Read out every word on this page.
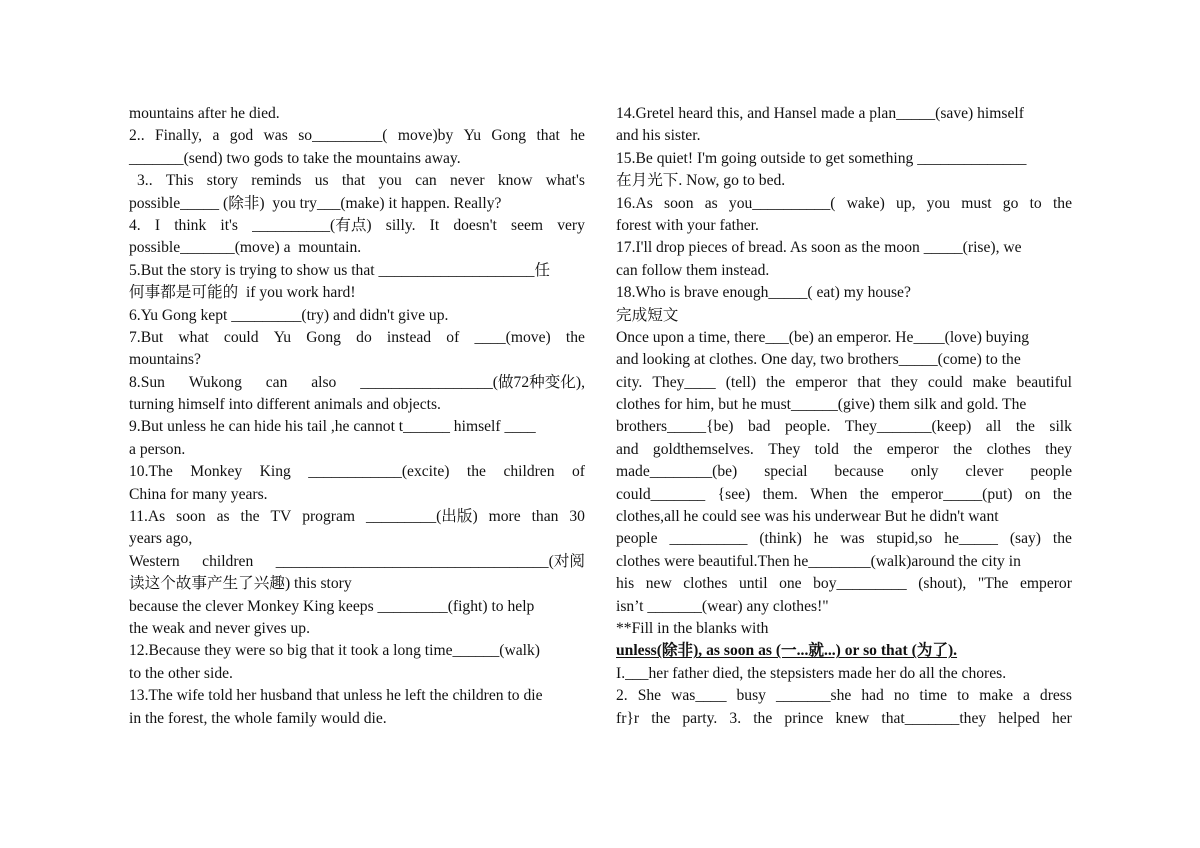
mountains after he died.
2.. Finally, a god was so_________( move)by Yu Gong that he
_______(send) two gods to take the mountains away.
3.. This story reminds us that you can never know what's
possible_____ (除非)  you try___(make) it happen. Really?
4. I think it's __________(有点) silly. It doesn't seem very
possible_______(move) a  mountain.
5.But the story is trying to show us that ____________________任
何事都是可能的  if you work hard!
6.Yu Gong kept _________(try) and didn't give up.
7.But what could Yu Gong do instead of ____(move) the
mountains?
8.Sun Wukong can also _________________(做72种变化),
turning himself into different animals and objects.
9.But unless he can hide his tail ,he cannot t______ himself ____
a person.
10.The Monkey King ____________(excite) the children of
China for many years.
11.As soon as the TV program _________(出版) more than 30
years ago,
Western children ___________________________________(对阅
读这个故事产生了兴趣) this story
because the clever Monkey King keeps _________(fight) to help
the weak and never gives up.
12.Because they were so big that it took a long time______(walk)
to the other side.
13.The wife told her husband that unless he left the children to die
in the forest, the whole family would die.
14.Gretel heard this, and Hansel made a plan_____(save) himself
and his sister.
15.Be quiet! I'm going outside to get something ______________
在月光下. Now, go to bed.
16.As soon as you__________( wake) up, you must go to the
forest with your father.
17.I'll drop pieces of bread. As soon as the moon _____(rise), we
can follow them instead.
18.Who is brave enough_____( eat) my house?
完成短文
Once upon a time, there___(be) an emperor. He____(love) buying
and looking at clothes. One day, two brothers_____(come) to the
city. They____ (tell) the emperor that they could make beautiful
clothes for him, but he must______(give) them silk and gold. The
brothers_____{be) bad people. They_______(keep) all the silk
and goldthemselves. They told the emperor the clothes they
made________(be) special because only clever people
could_______ {see) them. When the emperor_____(put) on the
clothes,all he could see was his underwear But he didn't want
people __________ (think) he was stupid,so he_____ (say) the
clothes were beautiful.Then he________(walk)around the city in
his new clothes until one boy_________ (shout), "The emperor
isn’t _______(wear) any clothes!"
**Fill in the blanks with
unless(除非), as soon as (一...就...) or so that (为了).
I.___her father died, the stepsisters made her do all the chores.
2. She was____ busy _______she had no time to make a dress
fr}r the party. 3. the prince knew that_______they helped her
